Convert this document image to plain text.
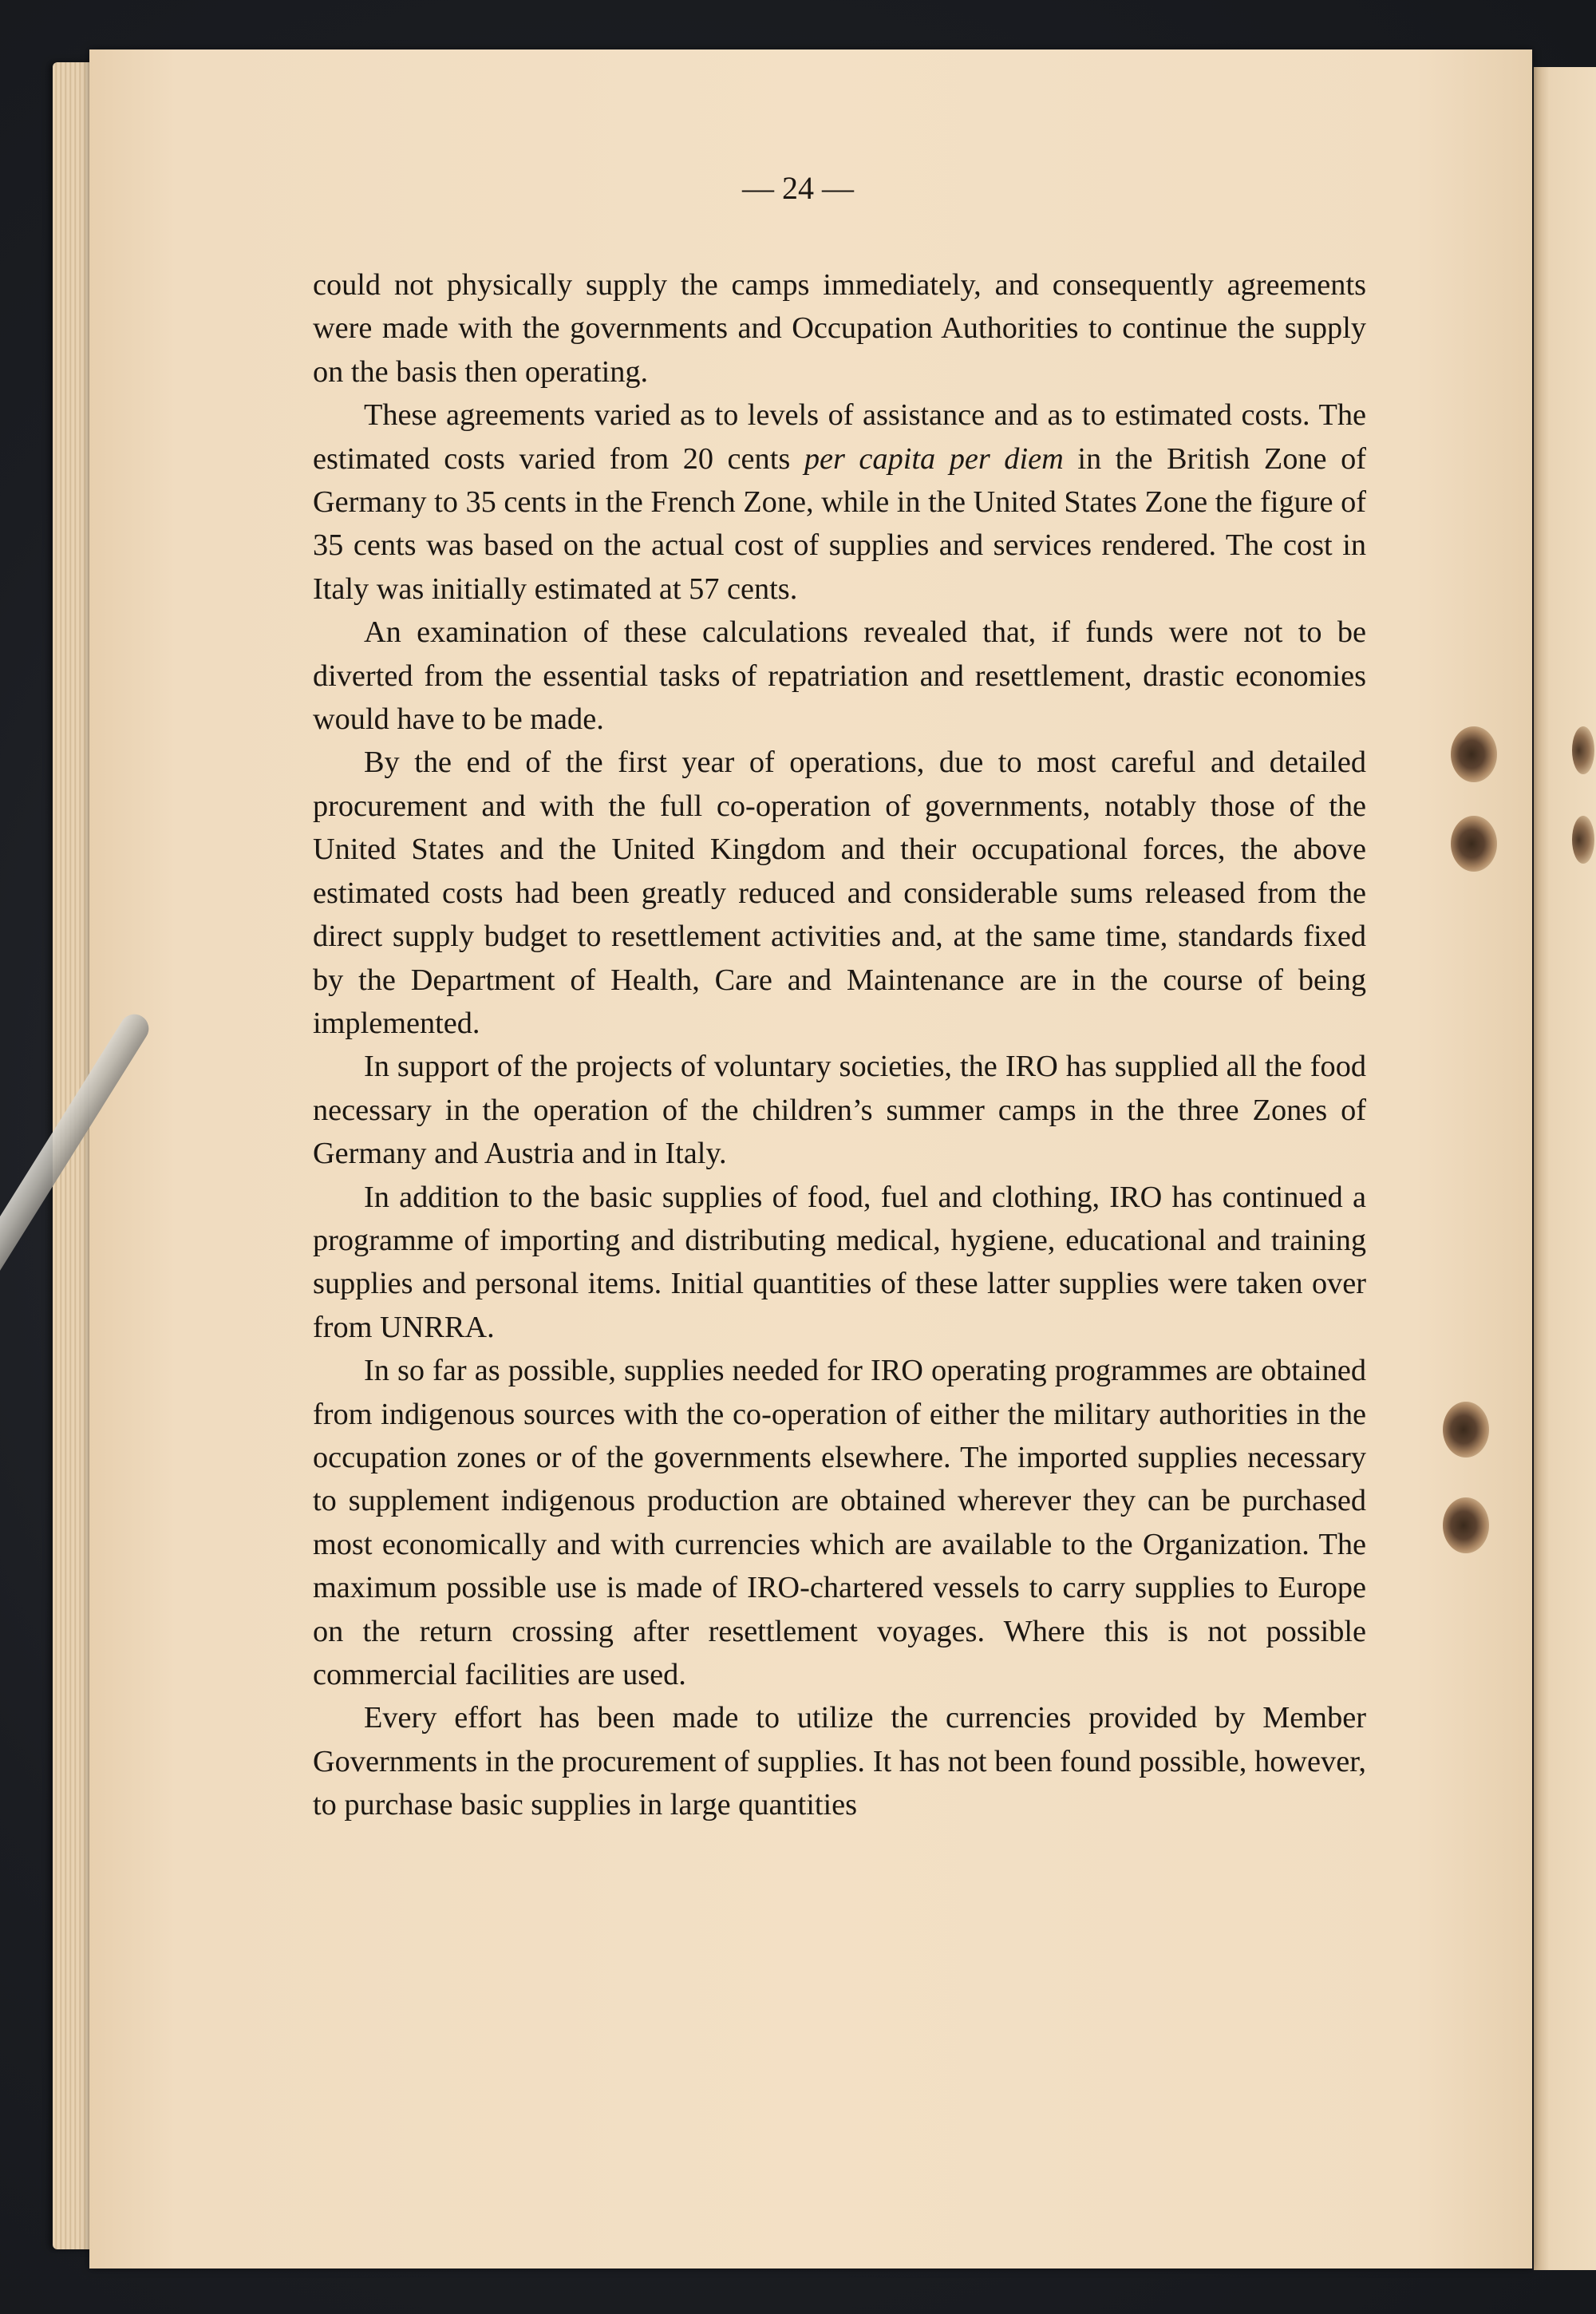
— 24 —

could not physically supply the camps immediately, and consequently agreements were made with the governments and Occupation Authorities to continue the supply on the basis then operating.

These agreements varied as to levels of assistance and as to estimated costs. The estimated costs varied from 20 cents per capita per diem in the British Zone of Germany to 35 cents in the French Zone, while in the United States Zone the figure of 35 cents was based on the actual cost of supplies and services rendered. The cost in Italy was initially estimated at 57 cents.

An examination of these calculations revealed that, if funds were not to be diverted from the essential tasks of repatriation and resettlement, drastic economies would have to be made.

By the end of the first year of operations, due to most careful and detailed procurement and with the full co-operation of governments, notably those of the United States and the United Kingdom and their occupational forces, the above estimated costs had been greatly reduced and considerable sums released from the direct supply budget to resettlement activities and, at the same time, standards fixed by the Department of Health, Care and Maintenance are in the course of being implemented.

In support of the projects of voluntary societies, the IRO has supplied all the food necessary in the operation of the children’s summer camps in the three Zones of Germany and Austria and in Italy.

In addition to the basic supplies of food, fuel and clothing, IRO has continued a programme of importing and distributing medical, hygiene, educational and training supplies and personal items. Initial quantities of these latter supplies were taken over from UNRRA.

In so far as possible, supplies needed for IRO operating programmes are obtained from indigenous sources with the co-operation of either the military authorities in the occupation zones or of the governments elsewhere. The imported supplies necessary to supplement indigenous production are obtained wherever they can be purchased most economically and with currencies which are available to the Organization. The maximum possible use is made of IRO-chartered vessels to carry supplies to Europe on the return crossing after resettlement voyages. Where this is not possible commercial facilities are used.

Every effort has been made to utilize the currencies provided by Member Governments in the procurement of supplies. It has not been found possible, however, to purchase basic supplies in large quantities
